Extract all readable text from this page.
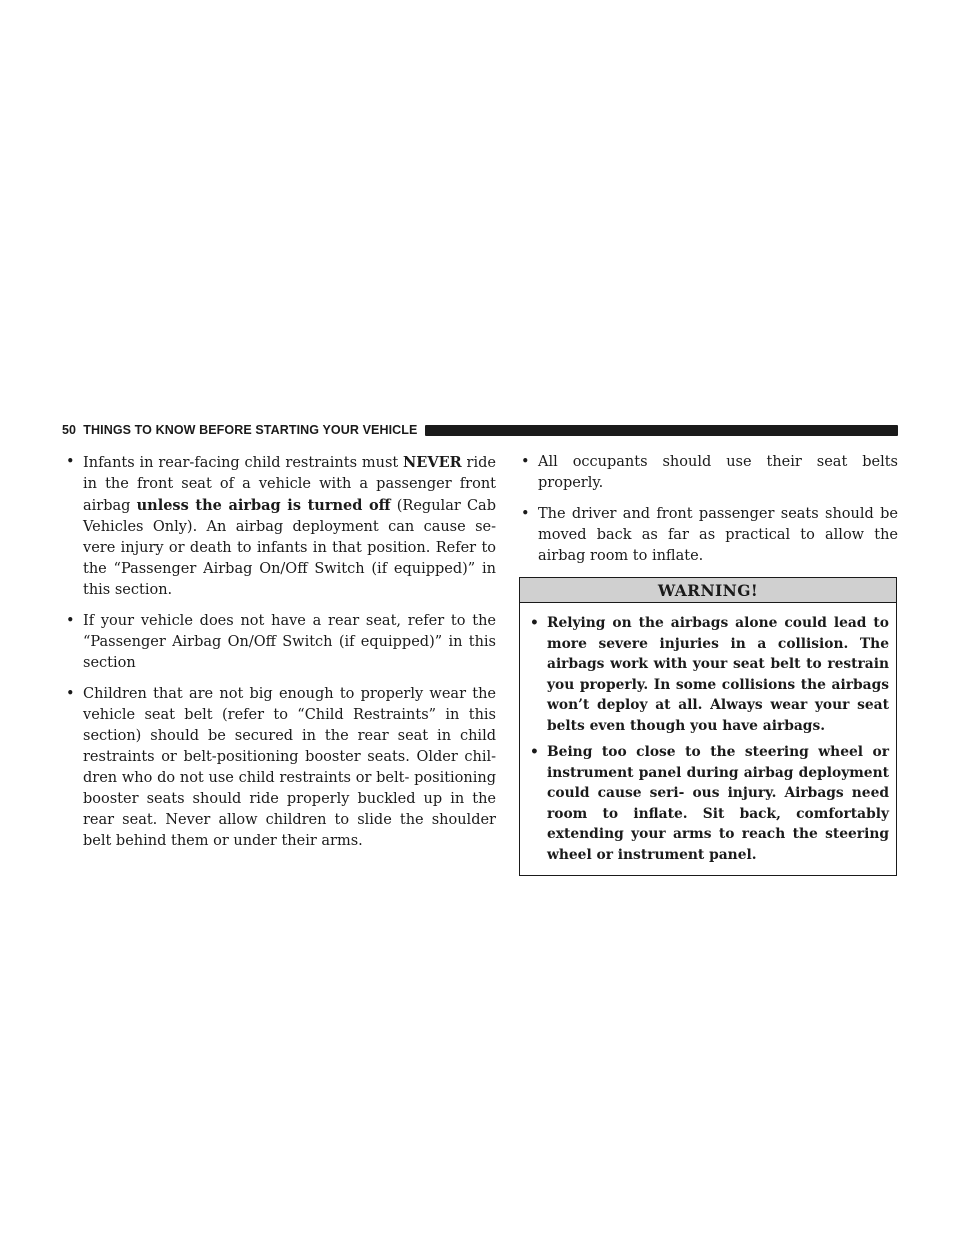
50 THINGS TO KNOW BEFORE STARTING YOUR VEHICLE
• Infants in rear-facing child restraints must NEVER ride in the front seat of a vehicle with a passenger front airbag unless the airbag is turned off (Regular Cab Vehicles Only). An airbag deployment can cause se- vere injury or death to infants in that position. Refer to the “Passenger Airbag On/Off Switch (if equipped)” in this section.
• If your vehicle does not have a rear seat, refer to the “Passenger Airbag On/Off Switch (if equipped)” in this section
• Children that are not big enough to properly wear the vehicle seat belt (refer to “Child Restraints” in this section) should be secured in the rear seat in child restraints or belt-positioning booster seats. Older chil- dren who do not use child restraints or belt- positioning booster seats should ride properly buckled up in the rear seat. Never allow children to slide the shoulder belt behind them or under their arms.
• All occupants should use their seat belts properly.
• The driver and front passenger seats should be moved back as far as practical to allow the airbag room to inflate.
WARNING!
• Relying on the airbags alone could lead to more severe injuries in a collision. The airbags work with your seat belt to restrain you properly. In some collisions the airbags won’t deploy at all. Always wear your seat belts even though you have airbags.
• Being too close to the steering wheel or instrument panel during airbag deployment could cause seri- ous injury. Airbags need room to inflate. Sit back, comfortably extending your arms to reach the steering wheel or instrument panel.
